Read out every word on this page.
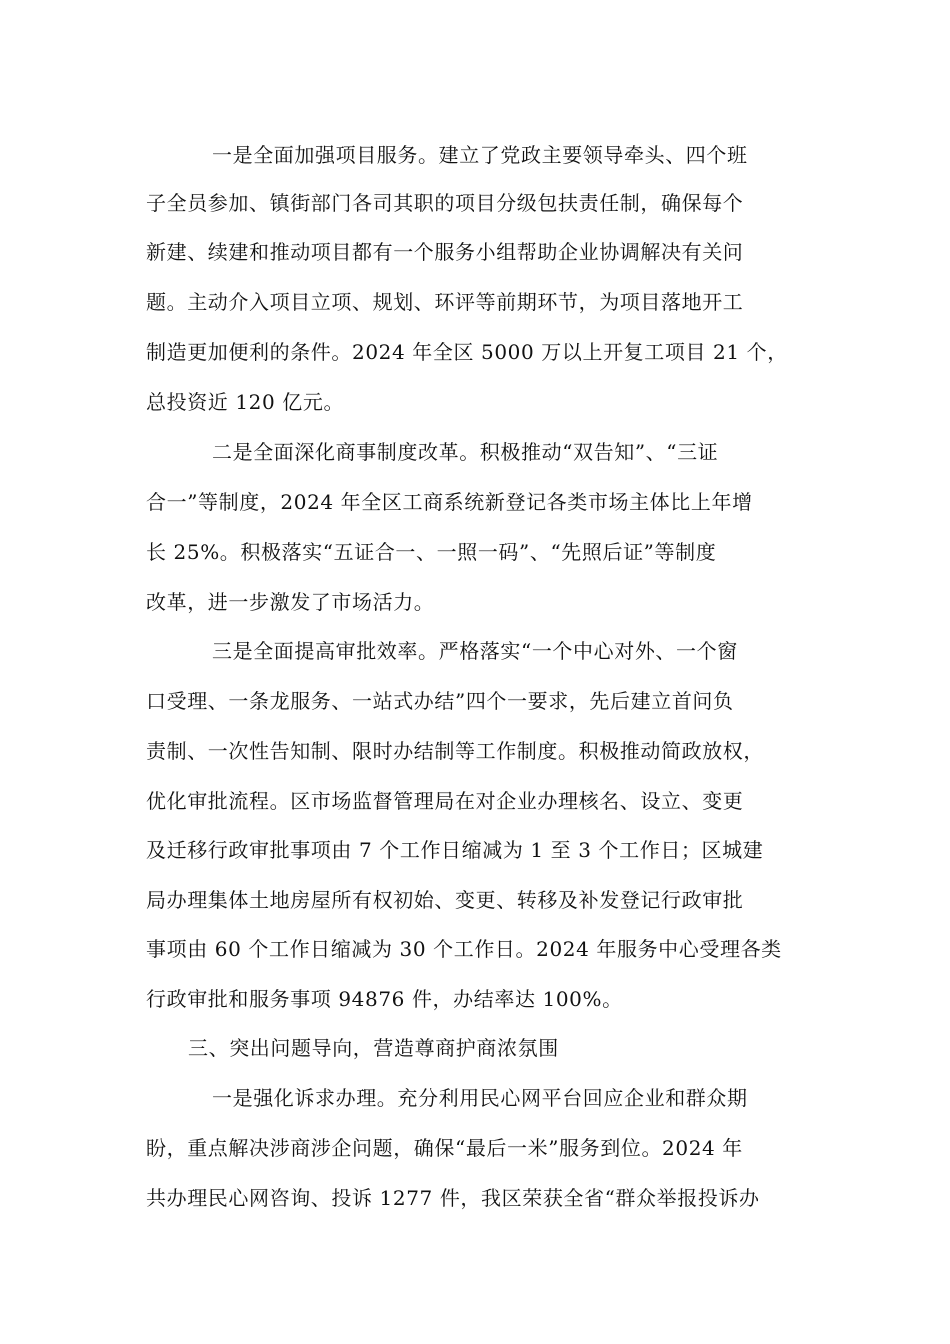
一是全面加强项目服务。建立了党政主要领导牵头、四个班
子全员参加、镇街部门各司其职的项目分级包扶责任制，确保每个
新建、续建和推动项目都有一个服务小组帮助企业协调解决有关问
题。主动介入项目立项、规划、环评等前期环节，为项目落地开工
制造更加便利的条件。2024 年全区 5000 万以上开复工项目 21 个，
总投资近 120 亿元。
二是全面深化商事制度改革。积极推动“双告知”、“三证
合一”等制度，2024 年全区工商系统新登记各类市场主体比上年增
长 25%。积极落实“五证合一、一照一码”、“先照后证”等制度
改革，进一步激发了市场活力。
三是全面提高审批效率。严格落实“一个中心对外、一个窗
口受理、一条龙服务、一站式办结”四个一要求，先后建立首问负
责制、一次性告知制、限时办结制等工作制度。积极推动简政放权，
优化审批流程。区市场监督管理局在对企业办理核名、设立、变更
及迁移行政审批事项由 7 个工作日缩减为 1 至 3 个工作日；区城建
局办理集体土地房屋所有权初始、变更、转移及补发登记行政审批
事项由 60 个工作日缩减为 30 个工作日。2024 年服务中心受理各类
行政审批和服务事项 94876 件，办结率达 100%。
三、突出问题导向，营造尊商护商浓氛围
一是强化诉求办理。充分利用民心网平台回应企业和群众期
盼，重点解决涉商涉企问题，确保“最后一米”服务到位。2024 年
共办理民心网咨询、投诉 1277 件，我区荣获全省“群众举报投诉办
